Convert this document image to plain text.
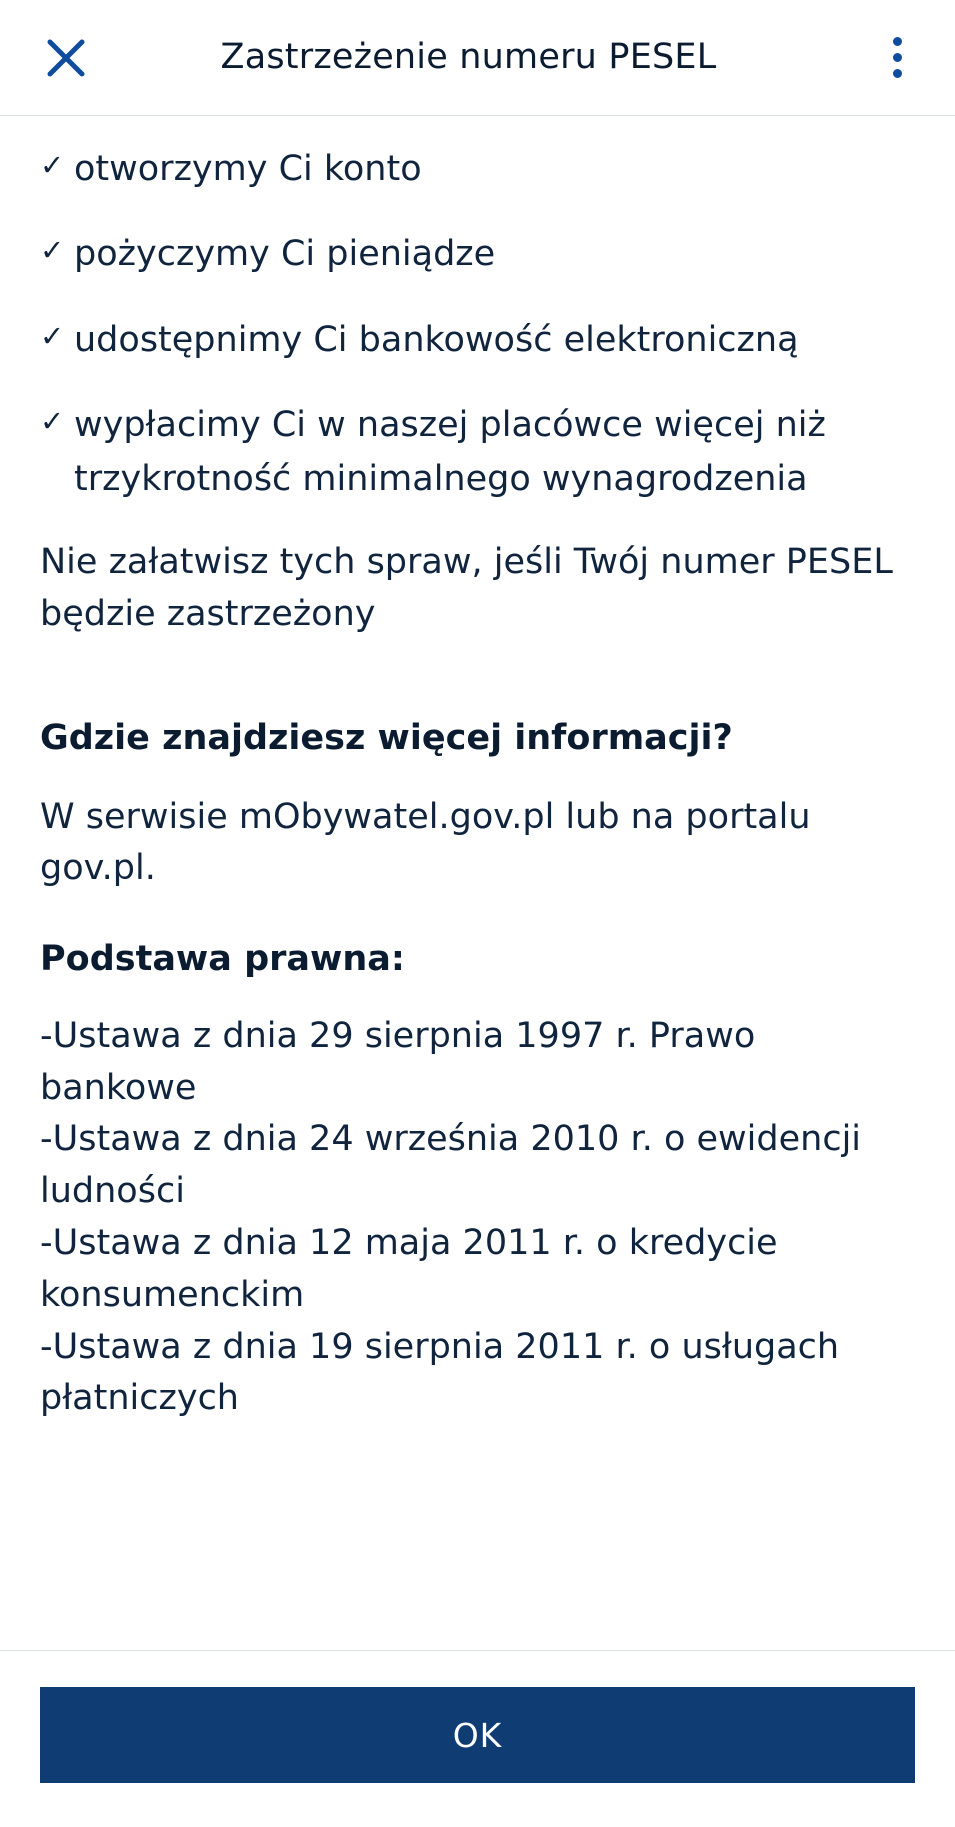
Zastrzeżenie numeru PESEL
✓ otworzymy Ci konto
✓ pożyczymy Ci pieniądze
✓ udostępnimy Ci bankowość elektroniczną
✓ wypłacimy Ci w naszej placówce więcej niż trzykrotność minimalnego wynagrodzenia

Nie załatwisz tych spraw, jeśli Twój numer PESEL będzie zastrzeżony

Gdzie znajdziesz więcej informacji?

W serwisie mObywatel.gov.pl lub na portalu gov.pl.

Podstawa prawna:
-Ustawa z dnia 29 sierpnia 1997 r. Prawo bankowe
-Ustawa z dnia 24 września 2010 r. o ewidencji ludności
-Ustawa z dnia 12 maja 2011 r. o kredycie konsumenckim
-Ustawa z dnia 19 sierpnia 2011 r. o usługach płatniczych
OK
